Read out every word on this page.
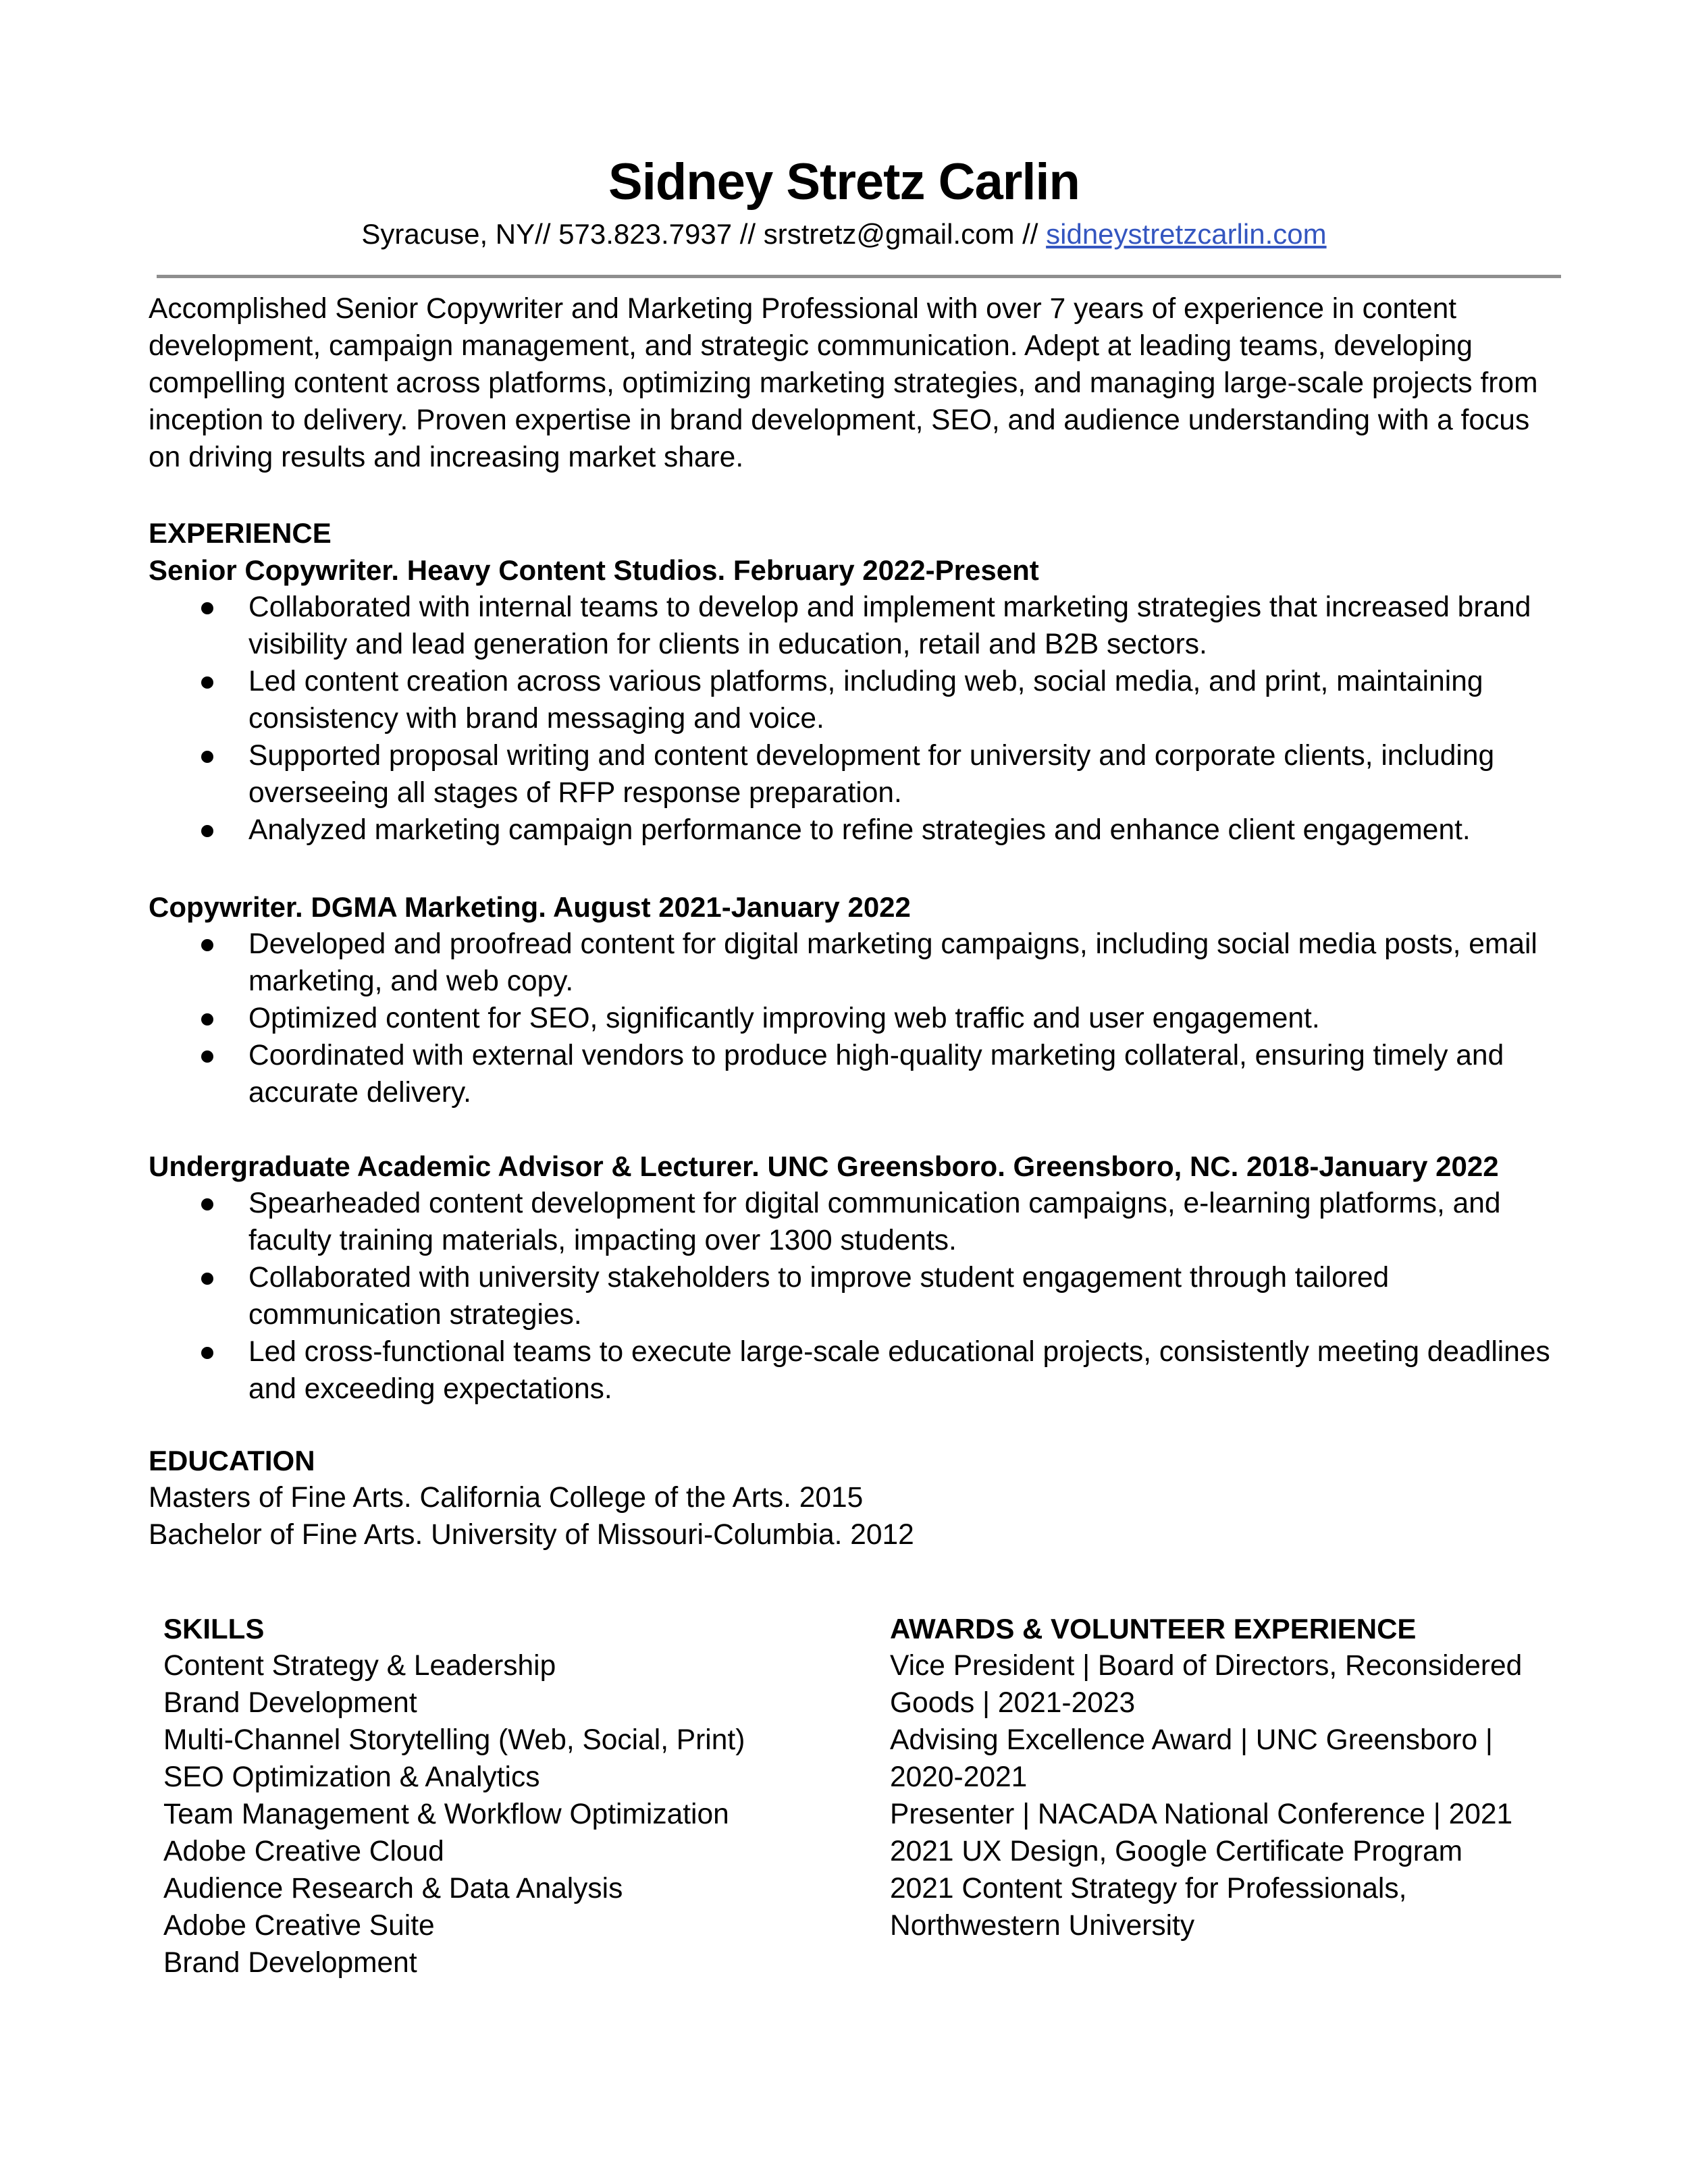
Sidney Stretz Carlin
Syracuse, NY// 573.823.7937 // srstretz@gmail.com // sidneystretzcarlin.com
Accomplished Senior Copywriter and Marketing Professional with over 7 years of experience in content development, campaign management, and strategic communication. Adept at leading teams, developing compelling content across platforms, optimizing marketing strategies, and managing large-scale projects from inception to delivery. Proven expertise in brand development, SEO, and audience understanding with a focus on driving results and increasing market share.
EXPERIENCE
Senior Copywriter. Heavy Content Studios. February 2022-Present
Collaborated with internal teams to develop and implement marketing strategies that increased brand visibility and lead generation for clients in education, retail and B2B sectors.
Led content creation across various platforms, including web, social media, and print, maintaining consistency with brand messaging and voice.
Supported proposal writing and content development for university and corporate clients, including overseeing all stages of RFP response preparation.
Analyzed marketing campaign performance to refine strategies and enhance client engagement.
Copywriter. DGMA Marketing. August 2021-January 2022
Developed and proofread content for digital marketing campaigns, including social media posts, email marketing, and web copy.
Optimized content for SEO, significantly improving web traffic and user engagement.
Coordinated with external vendors to produce high-quality marketing collateral, ensuring timely and accurate delivery.
Undergraduate Academic Advisor & Lecturer. UNC Greensboro. Greensboro, NC. 2018-January 2022
Spearheaded content development for digital communication campaigns, e-learning platforms, and faculty training materials, impacting over 1300 students.
Collaborated with university stakeholders to improve student engagement through tailored communication strategies.
Led cross-functional teams to execute large-scale educational projects, consistently meeting deadlines and exceeding expectations.
EDUCATION
Masters of Fine Arts. California College of the Arts. 2015
Bachelor of Fine Arts. University of Missouri-Columbia. 2012
SKILLS
Content Strategy & Leadership
Brand Development
Multi-Channel Storytelling (Web, Social, Print)
SEO Optimization & Analytics
Team Management & Workflow Optimization
Adobe Creative Cloud
Audience Research & Data Analysis
Adobe Creative Suite
Brand Development
AWARDS & VOLUNTEER EXPERIENCE
Vice President | Board of Directors, Reconsidered Goods | 2021-2023
Advising Excellence Award | UNC Greensboro | 2020-2021
Presenter | NACADA National Conference | 2021
2021 UX Design, Google Certificate Program
2021 Content Strategy for Professionals, Northwestern University
